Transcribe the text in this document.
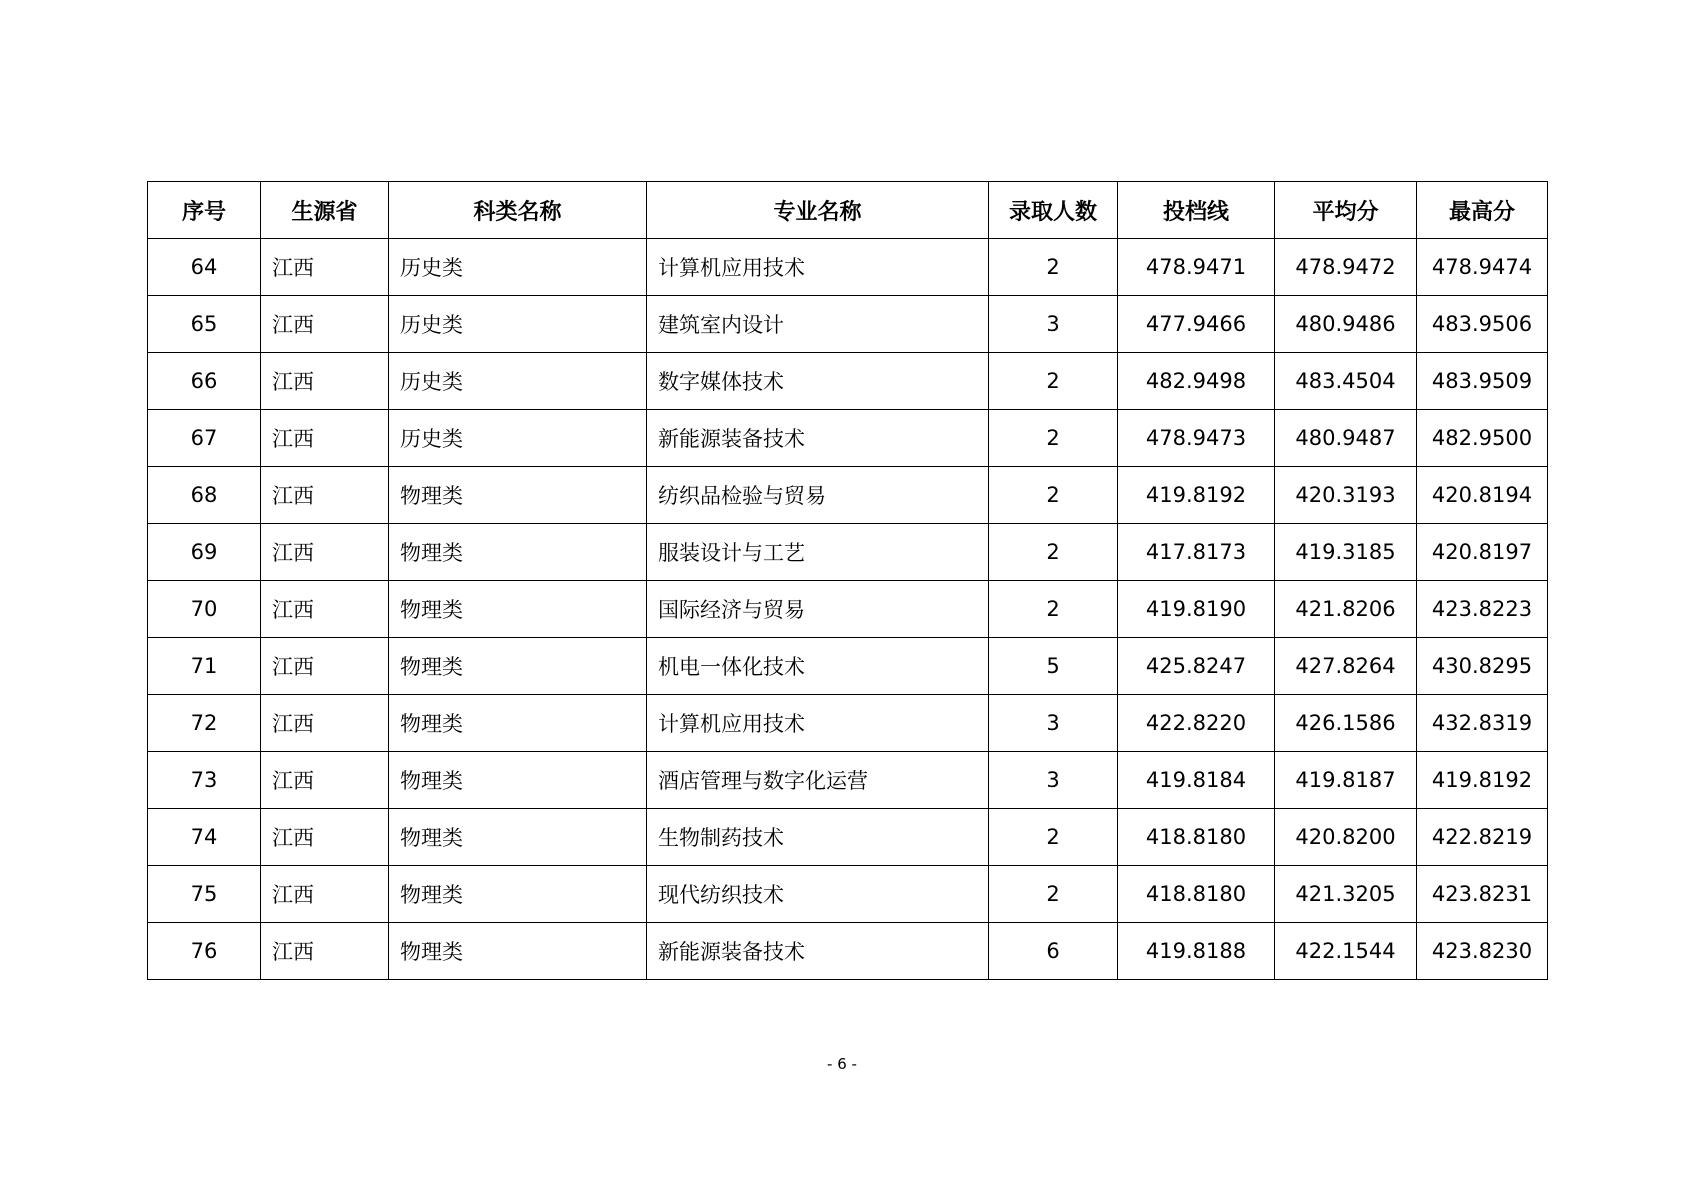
序号	生源省	科类名称	专业名称	录取人数	投档线	平均分	最高分
64	江西	历史类	计算机应用技术	2	478.9471	478.9472	478.9474
65	江西	历史类	建筑室内设计	3	477.9466	480.9486	483.9506
66	江西	历史类	数字媒体技术	2	482.9498	483.4504	483.9509
67	江西	历史类	新能源装备技术	2	478.9473	480.9487	482.9500
68	江西	物理类	纺织品检验与贸易	2	419.8192	420.3193	420.8194
69	江西	物理类	服装设计与工艺	2	417.8173	419.3185	420.8197
70	江西	物理类	国际经济与贸易	2	419.8190	421.8206	423.8223
71	江西	物理类	机电一体化技术	5	425.8247	427.8264	430.8295
72	江西	物理类	计算机应用技术	3	422.8220	426.1586	432.8319
73	江西	物理类	酒店管理与数字化运营	3	419.8184	419.8187	419.8192
74	江西	物理类	生物制药技术	2	418.8180	420.8200	422.8219
75	江西	物理类	现代纺织技术	2	418.8180	421.3205	423.8231
76	江西	物理类	新能源装备技术	6	419.8188	422.1544	423.8230
- 6 -
